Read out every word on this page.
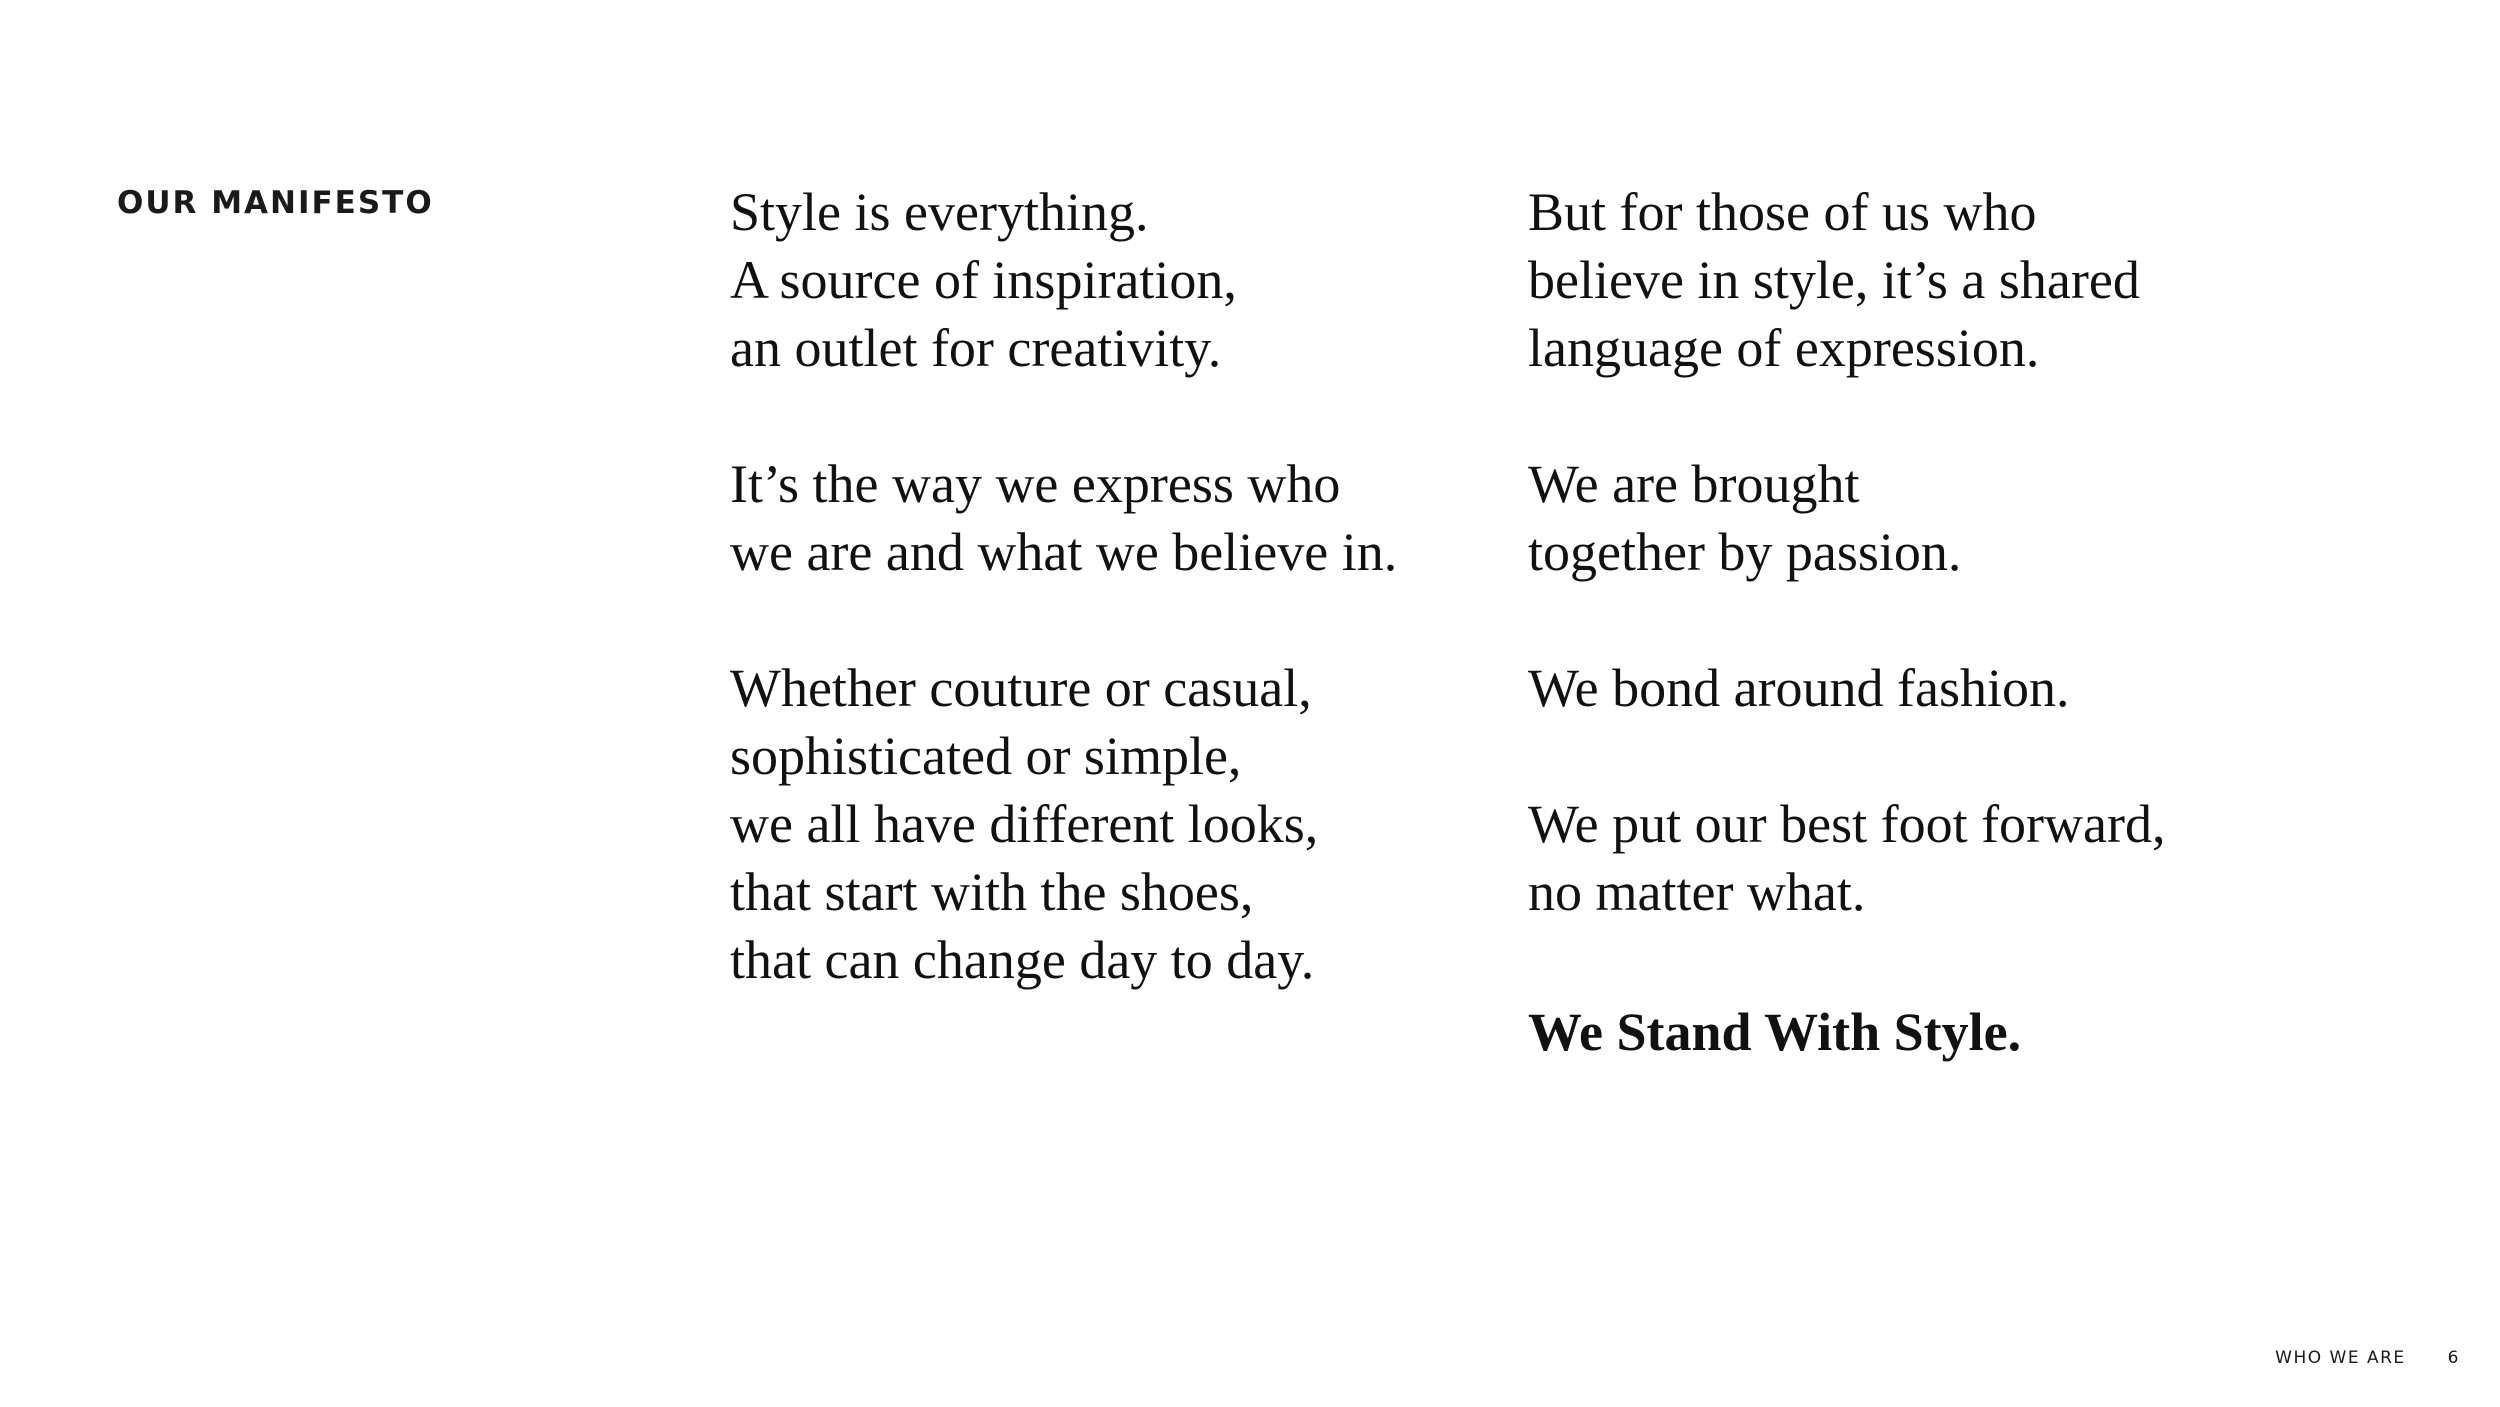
OUR MANIFESTO	Style is everything.
A source of inspiration,
an outlet for creativity.
It’s the way we express who
we are and what we believe in.
Whether couture or casual,
sophisticated or simple,
we all have different looks,
that start with the shoes,
that can change day to day.
But for those of us who
believe in style, it’s a shared
language of expression.
We are brought
together by passion.
We bond around fashion.
We put our best foot forward,
no matter what.
We Stand With Style.
WHO WE ARE 6
